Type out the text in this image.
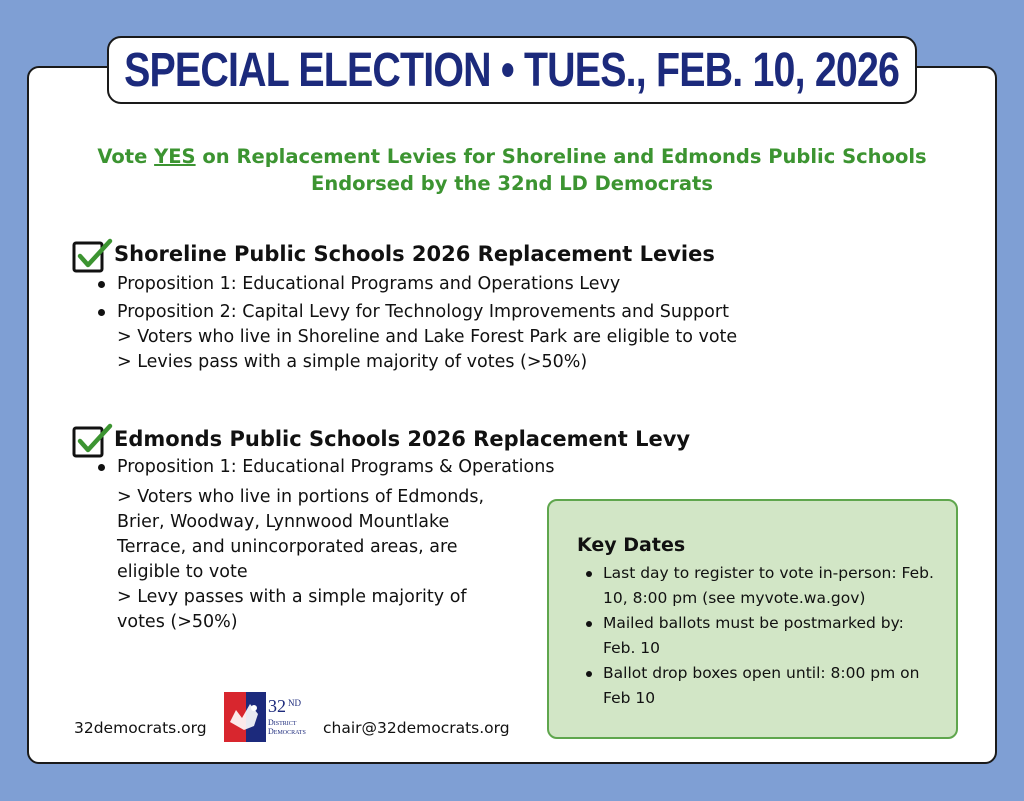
SPECIAL ELECTION • TUES., FEB. 10, 2026

Vote YES on Replacement Levies for Shoreline and Edmonds Public Schools

Endorsed by the 32nd LD Democrats

Shoreline Public Schools 2026 Replacement Levies
Proposition 1: Educational Programs and Operations Levy
Proposition 2: Capital Levy for Technology Improvements and Support
> Voters who live in Shoreline and Lake Forest Park are eligible to vote
> Levies pass with a simple majority of votes (>50%)
Edmonds Public Schools 2026 Replacement Levy
Proposition 1: Educational Programs & Operations
> Voters who live in portions of Edmonds,
Brier, Woodway, Lynnwood Mountlake
Terrace, and unincorporated areas, are
eligible to vote
> Levy passes with a simple majority of
votes (>50%)

Key Dates

Last day to register to vote in-person: Feb. 10, 8:00 pm (see myvote.wa.gov)
Mailed ballots must be postmarked by: Feb. 10
Ballot drop boxes open until: 8:00 pm on Feb 10

32democrats.org

32 ND
District
Democrats chair@32democrats.org
